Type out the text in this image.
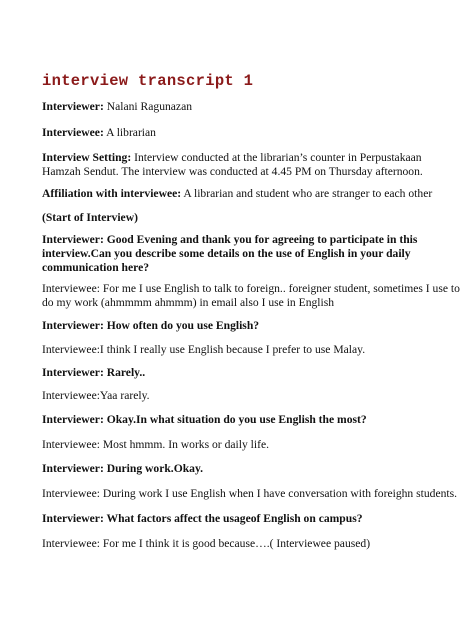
interview transcript 1

Interviewer: Nalani Ragunazan

Interviewee: A librarian

Interview Setting: Interview conducted at the librarian’s counter in Perpustakaan
Hamzah Sendut. The interview was conducted at 4.45 PM on Thursday afternoon.

Affiliation with interviewee: A librarian and student who are stranger to each other

(Start of Interview)

Interviewer: Good Evening and thank you for agreeing to participate in this
interview.Can you describe some details on the use of English in your daily
communication here?

Interviewee: For me I use English to talk to foreign.. foreigner student, sometimes I use to
do my work (ahmmmm ahmmm) in email also I use in English

Interviewer: How often do you use English?

Interviewee:I think I really use English because I prefer to use Malay.

Interviewer: Rarely..

Interviewee:Yaa rarely.

Interviewer: Okay.In what situation do you use English the most?

Interviewee: Most hmmm. In works or daily life.

Interviewer: During work.Okay.

Interviewee: During work I use English when I have conversation with foreighn students.

Interviewer: What factors affect the usageof English on campus?

Interviewee: For me I think it is good because….( Interviewee paused)
